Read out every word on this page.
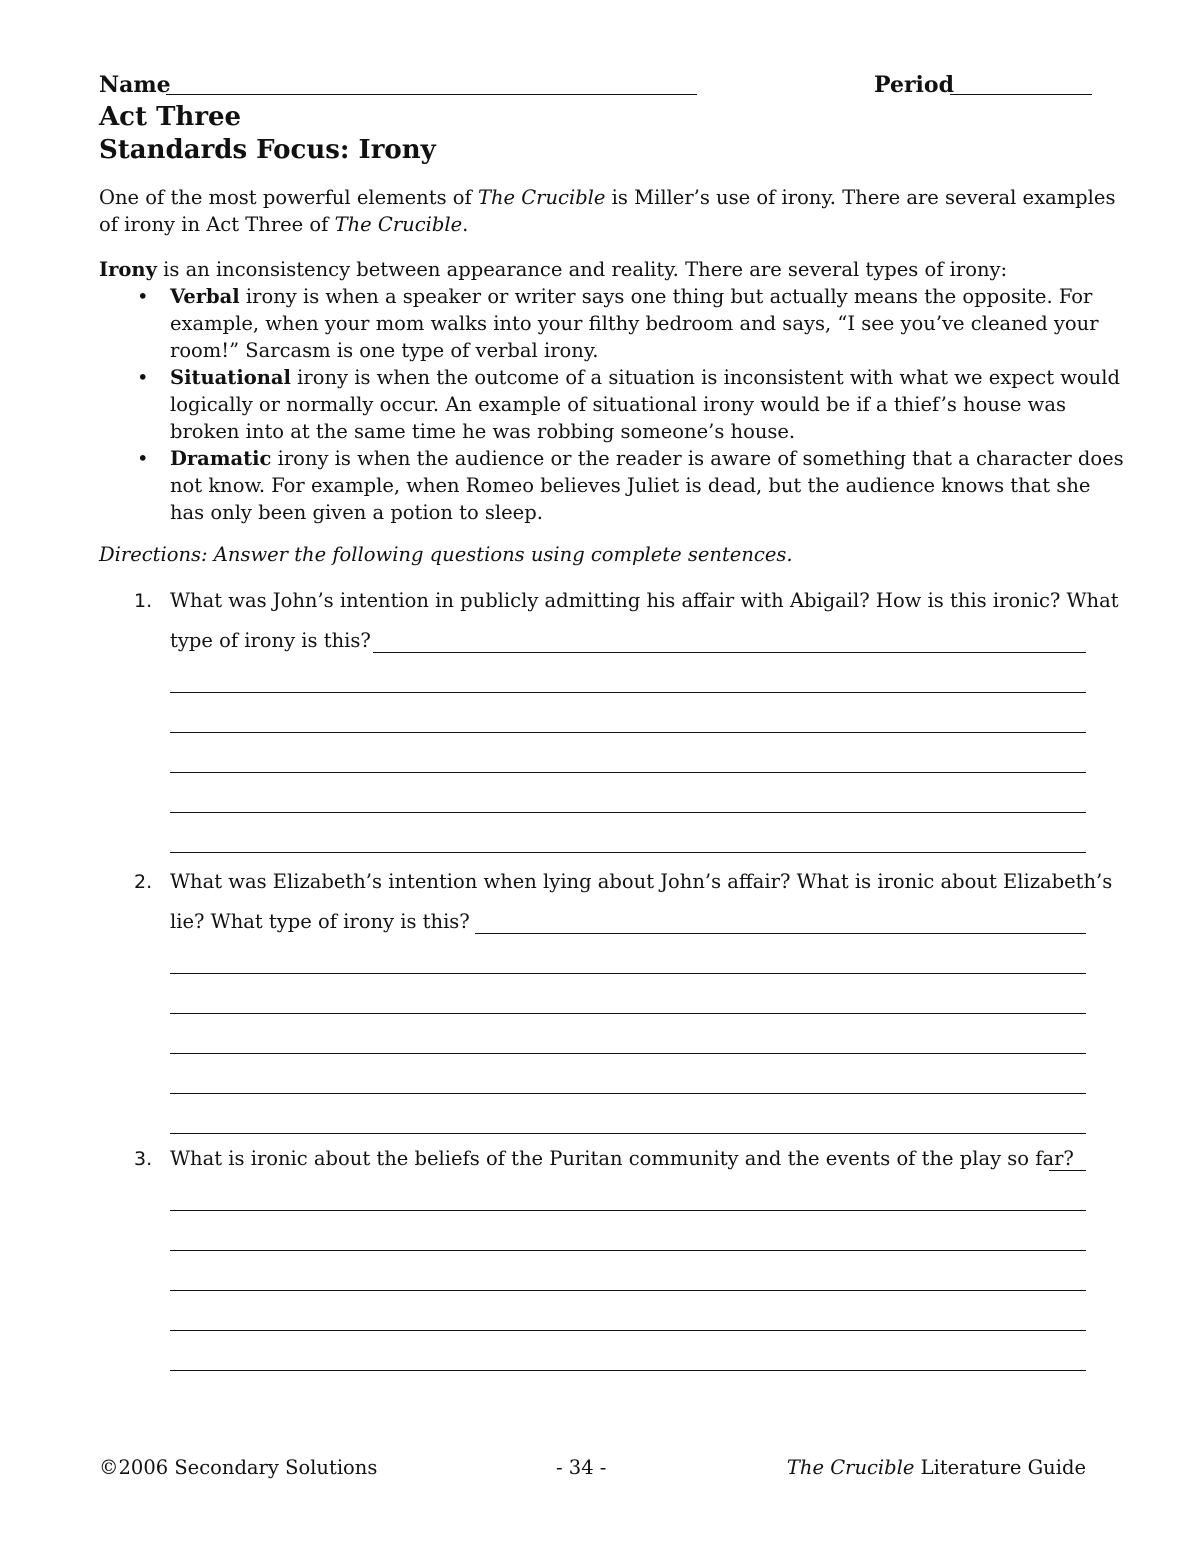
Name	Period
Act Three
Standards Focus: Irony

One of the most powerful elements of The Crucible is Miller’s use of irony. There are several examples of irony in Act Three of The Crucible.

Irony is an inconsistency between appearance and reality. There are several types of irony:

• Verbal irony is when a speaker or writer says one thing but actually means the opposite. For example, when your mom walks into your filthy bedroom and says, “I see you’ve cleaned your room!” Sarcasm is one type of verbal irony.
• Situational irony is when the outcome of a situation is inconsistent with what we expect would logically or normally occur. An example of situational irony would be if a thief’s house was broken into at the same time he was robbing someone’s house.
• Dramatic irony is when the audience or the reader is aware of something that a character does not know. For example, when Romeo believes Juliet is dead, but the audience knows that she has only been given a potion to sleep.
Directions: Answer the following questions using complete sentences.
1. What was John’s intention in publicly admitting his affair with Abigail? How is this ironic? What
type of irony is this?
2. What was Elizabeth’s intention when lying about John’s affair? What is ironic about Elizabeth’s
lie? What type of irony is this?
3. What is ironic about the beliefs of the Puritan community and the events of the play so far?
©2006 Secondary Solutions	- 34 -	The Crucible Literature Guide
